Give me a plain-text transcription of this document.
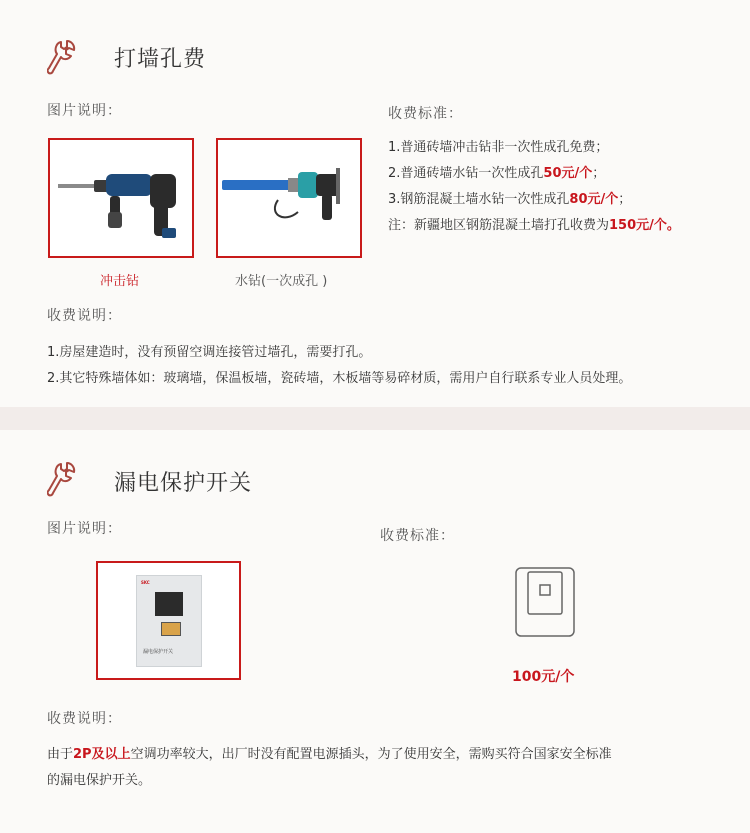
打墙孔费
图片说明：	收费标准：
冲击钻	水钻(一次成孔 )
1.普通砖墙冲击钻非一次性成孔免费；
2.普通砖墙水钻一次性成孔50元/个；
3.钢筋混凝土墙水钻一次性成孔80元/个；
注：新疆地区钢筋混凝土墙打孔收费为150元/个。
收费说明：
1.房屋建造时，没有预留空调连接管过墙孔，需要打孔。
2.其它特殊墙体如：玻璃墙，保温板墙，瓷砖墙，木板墙等易碎材质，需用户自行联系专业人员处理。
漏电保护开关
图片说明：	收费标准：
SKC
漏电保护开关
100元/个
收费说明：
由于2P及以上空调功率较大，出厂时没有配置电源插头，为了使用安全，需购买符合国家安全标准
的漏电保护开关。
